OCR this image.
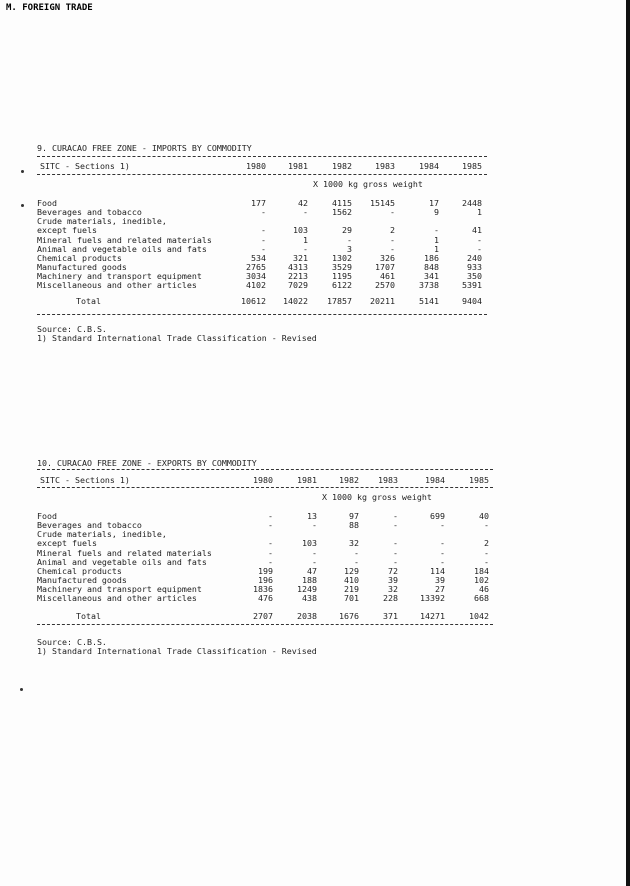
M. FOREIGN TRADE
9. CURACAO FREE ZONE - IMPORTS BY COMMODITY
SITC - Sections 1)	1980	1981	1982	1983	1984	1985
X 1000 kg gross weight
Food	177	42	4115	15145	17	2448
Beverages and tobacco	-	-	1562	-	9	1
Crude materials, inedible,
except fuels	-	103	29	2	-	41
Mineral fuels and related materials	-	1	-	-	1	-
Animal and vegetable oils and fats	-	-	3	-	1	-
Chemical products	534	321	1302	326	186	240
Manufactured goods	2765	4313	3529	1707	848	933
Machinery and transport equipment	3034	2213	1195	461	341	350
Miscellaneous and other articles	4102	7029	6122	2570	3738	5391
Total	10612	14022	17857	20211	5141	9404
Source: C.B.S.
1) Standard International Trade Classification - Revised
10. CURACAO FREE ZONE - EXPORTS BY COMMODITY
SITC - Sections 1)	1980	1981	1982	1983	1984	1985
X 1000 kg gross weight
Food	-	13	97	-	699	40
Beverages and tobacco	-	-	88	-	-	-
Crude materials, inedible,
except fuels	-	103	32	-	-	2
Mineral fuels and related materials	-	-	-	-	-	-
Animal and vegetable oils and fats	-	-	-	-	-	-
Chemical products	199	47	129	72	114	184
Manufactured goods	196	188	410	39	39	102
Machinery and transport equipment	1836	1249	219	32	27	46
Miscellaneous and other articles	476	438	701	228	13392	668
Total	2707	2038	1676	371	14271	1042
Source: C.B.S.
1) Standard International Trade Classification - Revised
